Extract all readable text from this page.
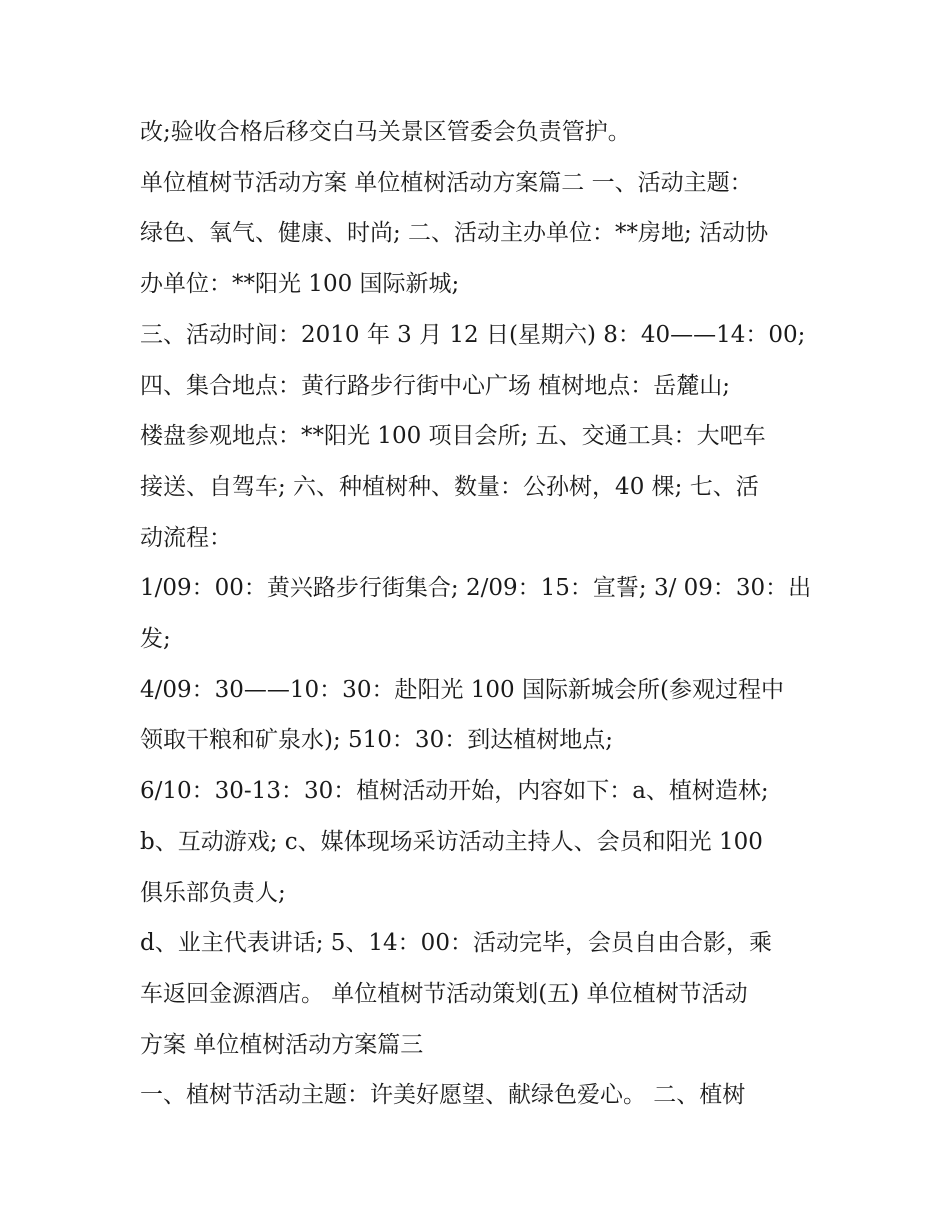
改;验收合格后移交白马关景区管委会负责管护。

单位植树节活动方案 单位植树活动方案篇二 一、活动主题：

绿色、氧气、健康、时尚; 二、活动主办单位：**房地; 活动协

办单位：**阳光 100 国际新城;

三、活动时间：2010 年 3 月 12 日(星期六) 8：40——14：00;

四、集合地点：黄行路步行街中心广场 植树地点：岳麓山;

楼盘参观地点：**阳光 100 项目会所; 五、交通工具：大吧车

接送、自驾车; 六、种植树种、数量：公孙树，40 棵; 七、活

动流程：

1/09：00：黄兴路步行街集合; 2/09：15：宣誓; 3/ 09：30：出

发;

4/09：30——10：30：赴阳光 100 国际新城会所(参观过程中

领取干粮和矿泉水); 510：30：到达植树地点;

6/10：30-13：30：植树活动开始，内容如下：a、植树造林;

b、互动游戏; c、媒体现场采访活动主持人、会员和阳光 100

俱乐部负责人;

d、业主代表讲话; 5、14：00：活动完毕，会员自由合影，乘

车返回金源酒店。 单位植树节活动策划(五) 单位植树节活动

方案 单位植树活动方案篇三

一、植树节活动主题：许美好愿望、献绿色爱心。 二、植树
